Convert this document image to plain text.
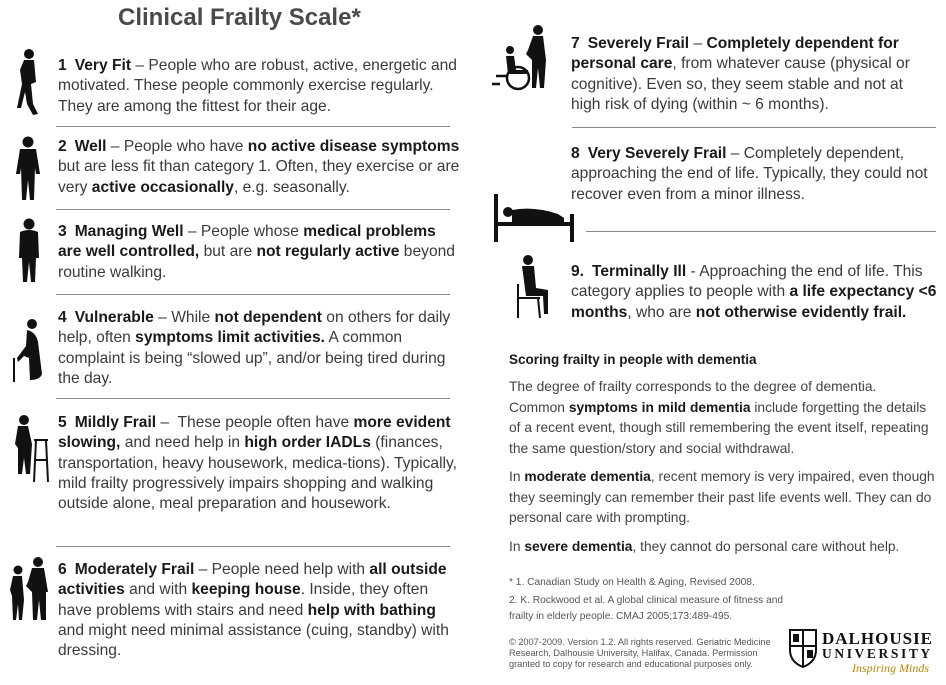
Clinical Frailty Scale*
1 Very Fit – People who are robust, active, energetic and motivated. These people commonly exercise regularly. They are among the fittest for their age.
2 Well – People who have no active disease symptoms but are less fit than category 1. Often, they exercise or are very active occasionally, e.g. seasonally.
3 Managing Well – People whose medical problems are well controlled, but are not regularly active beyond routine walking.
4 Vulnerable – While not dependent on others for daily help, often symptoms limit activities. A common complaint is being “slowed up”, and/or being tired during the day.
5 Mildly Frail –  These people often have more evident slowing, and need help in high order IADLs (finances, transportation, heavy housework, medica-tions). Typically, mild frailty progressively impairs shopping and walking outside alone, meal preparation and housework.
6 Moderately Frail – People need help with all outside activities and with keeping house. Inside, they often have problems with stairs and need help with bathing and might need minimal assistance (cuing, standby) with dressing.
7 Severely Frail – Completely dependent for personal care, from whatever cause (physical or cognitive). Even so, they seem stable and not at high risk of dying (within ~ 6 months).
8 Very Severely Frail – Completely dependent, approaching the end of life. Typically, they could not recover even from a minor illness.
9. Terminally Ill - Approaching the end of life. This category applies to people with a life expectancy <6 months, who are not otherwise evidently frail.
Scoring frailty in people with dementia
The degree of frailty corresponds to the degree of dementia. Common symptoms in mild dementia include forgetting the details of a recent event, though still remembering the event itself, repeating the same question/story and social withdrawal.
In moderate dementia, recent memory is very impaired, even though they seemingly can remember their past life events well. They can do personal care with prompting.
In severe dementia, they cannot do personal care without help.
* 1. Canadian Study on Health & Aging, Revised 2008.
2. K. Rockwood et al. A global clinical measure of fitness and frailty in elderly people. CMAJ 2005;173:489-495.
© 2007-2009. Version 1.2. All rights reserved. Geriatric Medicine Research, Dalhousie University, Halifax, Canada. Permission granted to copy for research and educational purposes only.
DALHOUSIE
UNIVERSITY
Inspiring Minds
